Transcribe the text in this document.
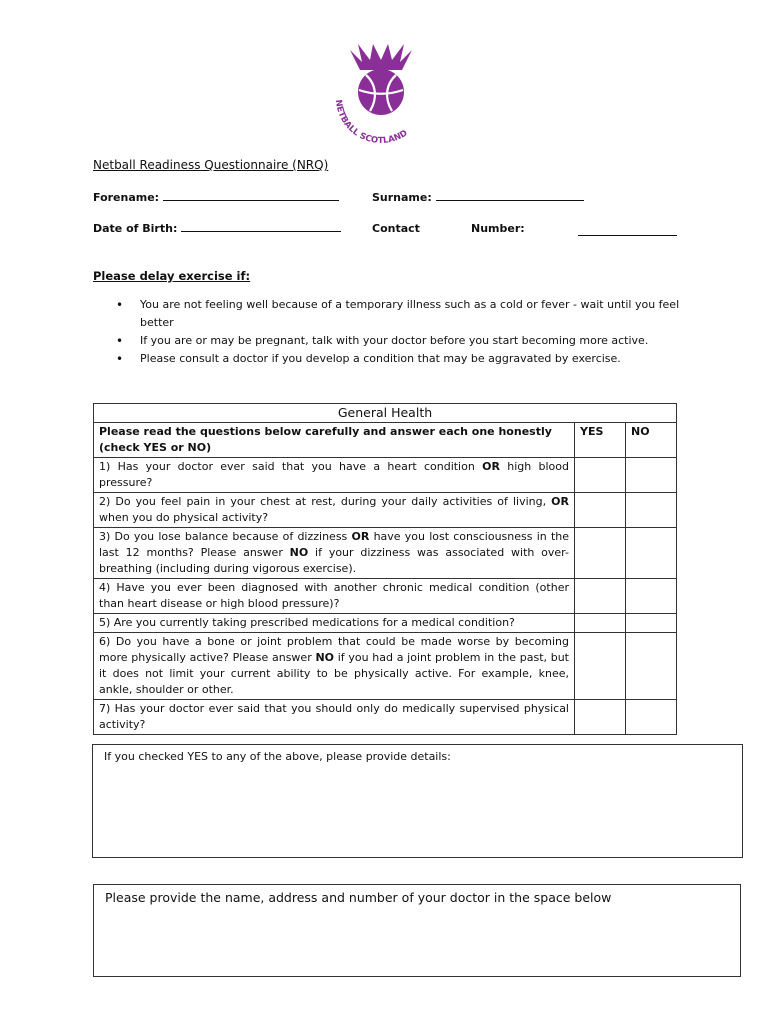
NETBALL SCOTLAND
Netball Readiness Questionnaire (NRQ)
Forename:	Surname:
Date of Birth:	Contact	Number:
Please delay exercise if:
• You are not feeling well because of a temporary illness such as a cold or fever - wait until you feel better
• If you are or may be pregnant, talk with your doctor before you start becoming more active.
• Please consult a doctor if you develop a condition that may be aggravated by exercise.
General Health		
Please read the questions below carefully and answer each one honestly (check YES or NO)	YES	NO
1) Has your doctor ever said that you have a heart condition OR high blood pressure?		
2) Do you feel pain in your chest at rest, during your daily activities of living, OR when you do physical activity?		
3) Do you lose balance because of dizziness OR have you lost consciousness in the last 12 months? Please answer NO if your dizziness was associated with over-breathing (including during vigorous exercise).		
4) Have you ever been diagnosed with another chronic medical condition (other than heart disease or high blood pressure)?		
5) Are you currently taking prescribed medications for a medical condition?		
6) Do you have a bone or joint problem that could be made worse by becoming more physically active? Please answer NO if you had a joint problem in the past, but it does not limit your current ability to be physically active. For example, knee, ankle, shoulder or other.		
7) Has your doctor ever said that you should only do medically supervised physical activity?		
If you checked YES to any of the above, please provide details:
Please provide the name, address and number of your doctor in the space below
